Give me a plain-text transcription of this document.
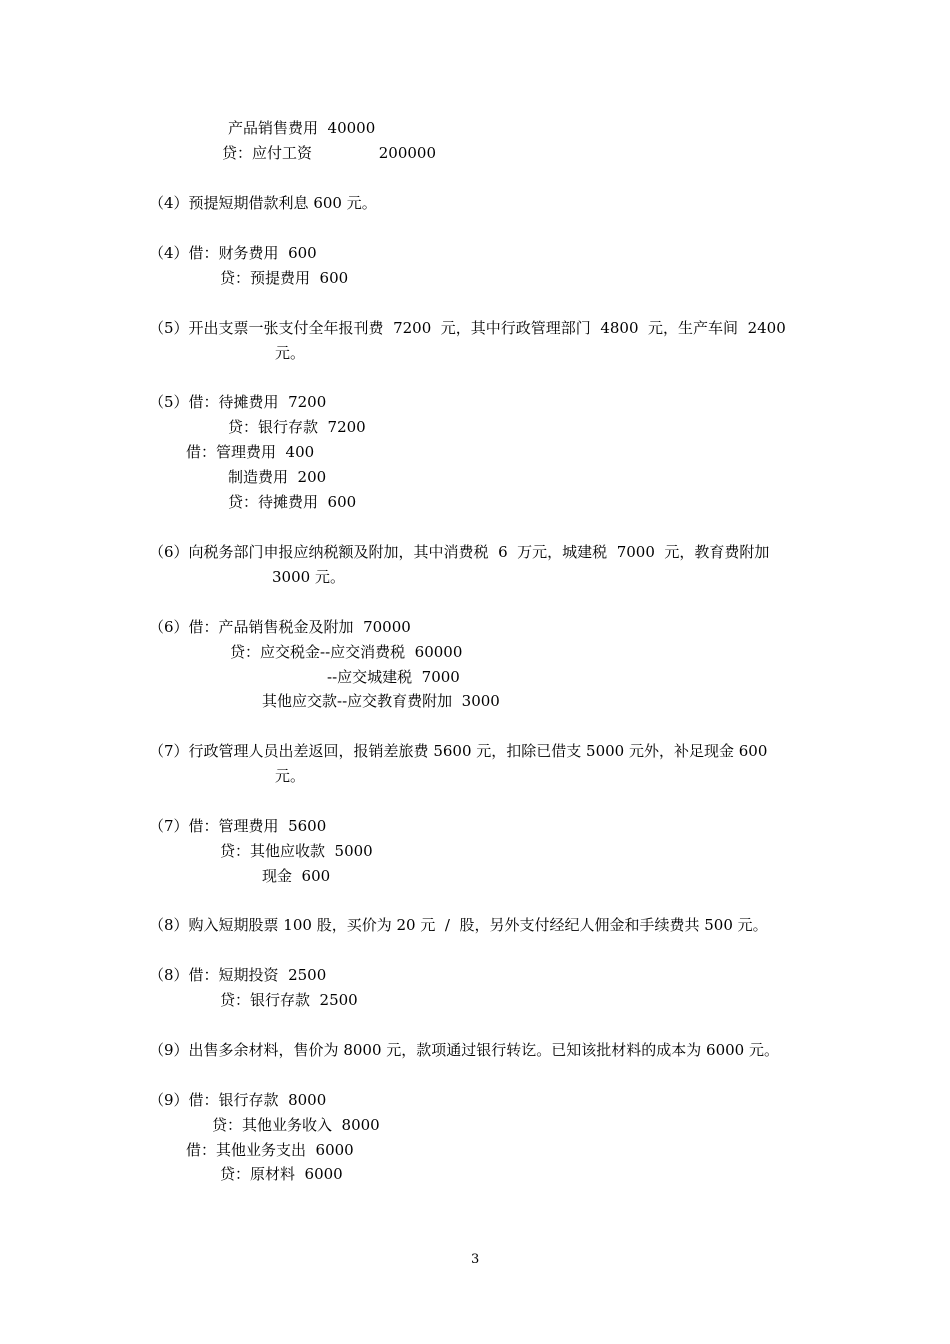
产品销售费用  40000
贷：应付工资              200000
（4）预提短期借款利息 600 元。
（4）借：财务费用  600
贷：预提费用  600
（5）开出支票一张支付全年报刊费  7200  元，其中行政管理部门  4800  元，生产车间  2400
元。
（5）借：待摊费用  7200
贷：银行存款  7200
借：管理费用  400
制造费用  200
贷：待摊费用  600
（6）向税务部门申报应纳税额及附加，其中消费税  6  万元，城建税  7000  元，教育费附加
3000 元。
（6）借：产品销售税金及附加  70000
贷：应交税金--应交消费税  60000
--应交城建税  7000
其他应交款--应交教育费附加  3000
（7）行政管理人员出差返回，报销差旅费 5600 元，扣除已借支 5000 元外，补足现金 600
元。
（7）借：管理费用  5600
贷：其他应收款  5000
现金  600
（8）购入短期股票 100 股，买价为 20 元  /  股，另外支付经纪人佣金和手续费共 500 元。
（8）借：短期投资  2500
贷：银行存款  2500
（9）出售多余材料，售价为 8000 元，款项通过银行转讫。已知该批材料的成本为 6000 元。
（9）借：银行存款  8000
贷：其他业务收入  8000
借：其他业务支出  6000
贷：原材料  6000
3
